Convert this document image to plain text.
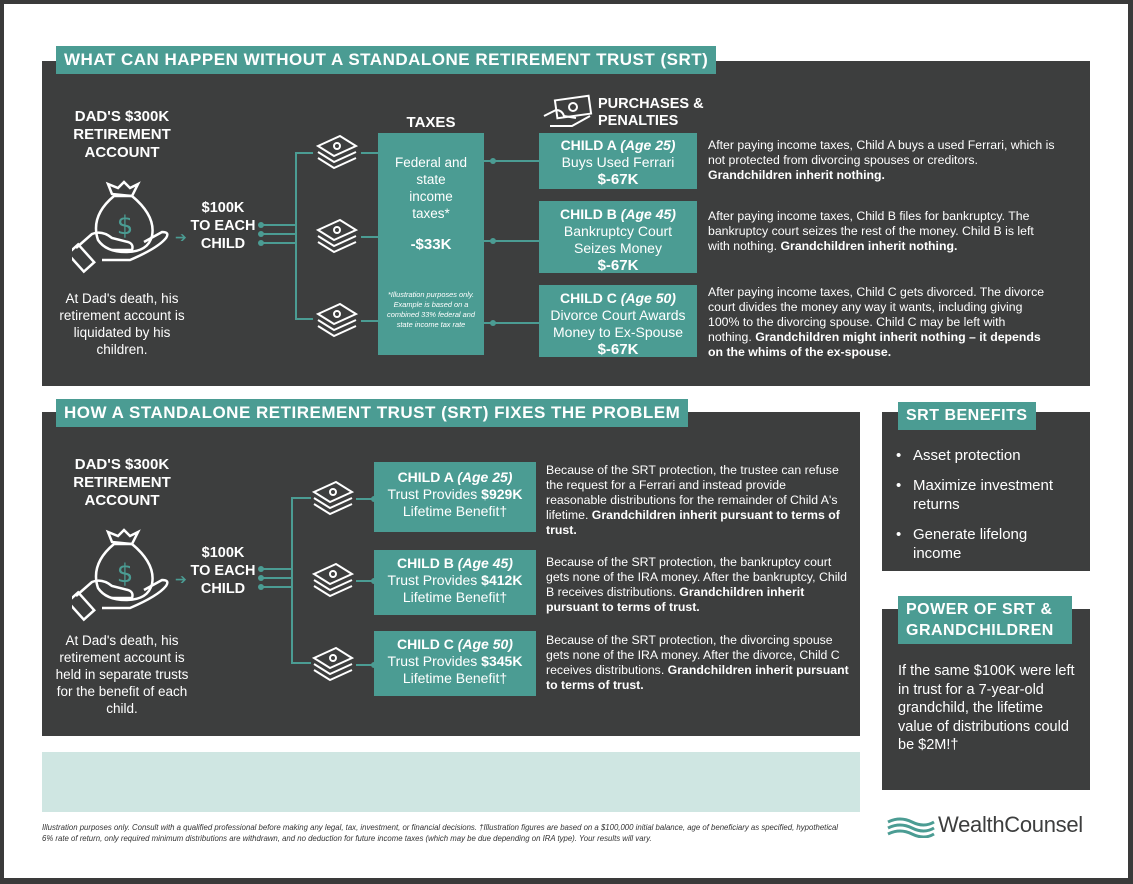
WHAT CAN HAPPEN WITHOUT A STANDALONE RETIREMENT TRUST (SRT)
DAD'S $300K RETIREMENT ACCOUNT
$
At Dad's death, his retirement account is liquidated by his children.
➔
$100K TO EACH CHILD
TAXES
Federal and state income taxes*
-$33K
*Illustration purposes only. Example is based on a combined 33% federal and state income tax rate
PURCHASES & PENALTIES
CHILD A (Age 25)
Buys Used Ferrari
$-67K
CHILD B (Age 45)
Bankruptcy Court Seizes Money
$-67K
CHILD C (Age 50)
Divorce Court Awards Money to Ex-Spouse
$-67K
After paying income taxes, Child A buys a used Ferrari, which is not protected from divorcing spouses or creditors. Grandchildren inherit nothing.
After paying income taxes, Child B files for bankruptcy. The bankruptcy court seizes the rest of the money. Child B is left with nothing. Grandchildren inherit nothing.
After paying income taxes, Child C gets divorced. The divorce court divides the money any way it wants, including giving 100% to the divorcing spouse. Child C may be left with nothing. Grandchildren might inherit nothing – it depends on the whims of the ex-spouse.
HOW A STANDALONE RETIREMENT TRUST (SRT) FIXES THE PROBLEM
DAD'S $300K RETIREMENT ACCOUNT
$
At Dad's death, his retirement account is held in separate trusts for the benefit of each child.
➔
$100K TO EACH CHILD
CHILD A (Age 25)
Trust Provides $929K
Lifetime Benefit†
CHILD B (Age 45)
Trust Provides $412K
Lifetime Benefit†
CHILD C (Age 50)
Trust Provides $345K
Lifetime Benefit†
Because of the SRT protection, the trustee can refuse the request for a Ferrari and instead provide reasonable distributions for the remainder of Child A's lifetime. Grandchildren inherit pursuant to terms of trust.
Because of the SRT protection, the bankruptcy court gets none of the IRA money. After the bankruptcy, Child B receives distributions. Grandchildren inherit pursuant to terms of trust.
Because of the SRT protection, the divorcing spouse gets none of the IRA money. After the divorce, Child C receives distributions. Grandchildren inherit pursuant to terms of trust.
SRT BENEFITS
• Asset protection
• Maximize investment returns
• Generate lifelong income
POWER OF SRT &
GRANDCHILDREN
If the same $100K were left in trust for a 7-year-old grandchild, the lifetime value of distributions could be $2M!†
Illustration purposes only. Consult with a qualified professional before making any legal, tax, investment, or financial decisions. †Illustration figures are based on a $100,000 initial balance, age of beneficiary as specified, hypothetical 6% rate of return, only required minimum distributions are withdrawn, and no deduction for future income taxes (which may be due depending on IRA type). Your results will vary.
WealthCounsel
